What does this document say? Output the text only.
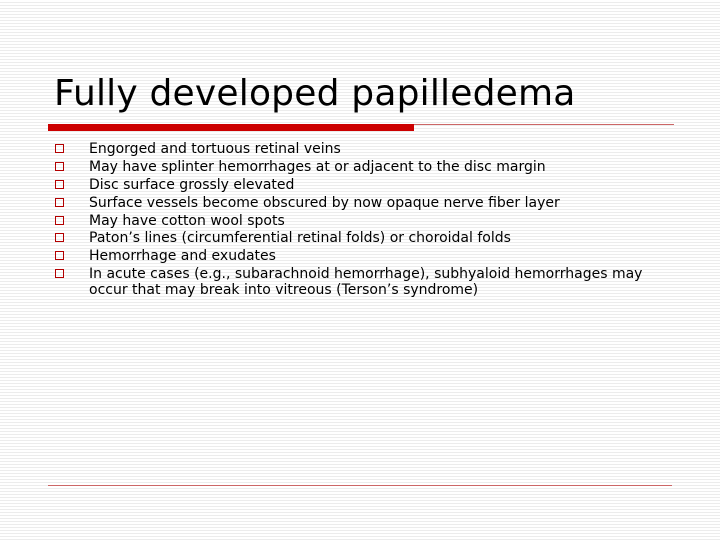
Fully developed papilledema
Engorged and tortuous retinal veins
May have splinter hemorrhages at or adjacent to the disc margin
Disc surface grossly elevated
Surface vessels become obscured by now opaque nerve fiber layer
May have cotton wool spots
Paton’s lines (circumferential retinal folds) or choroidal folds
Hemorrhage and exudates
In acute cases (e.g., subarachnoid hemorrhage), subhyaloid hemorrhages may occur that may break into vitreous (Terson’s syndrome)
